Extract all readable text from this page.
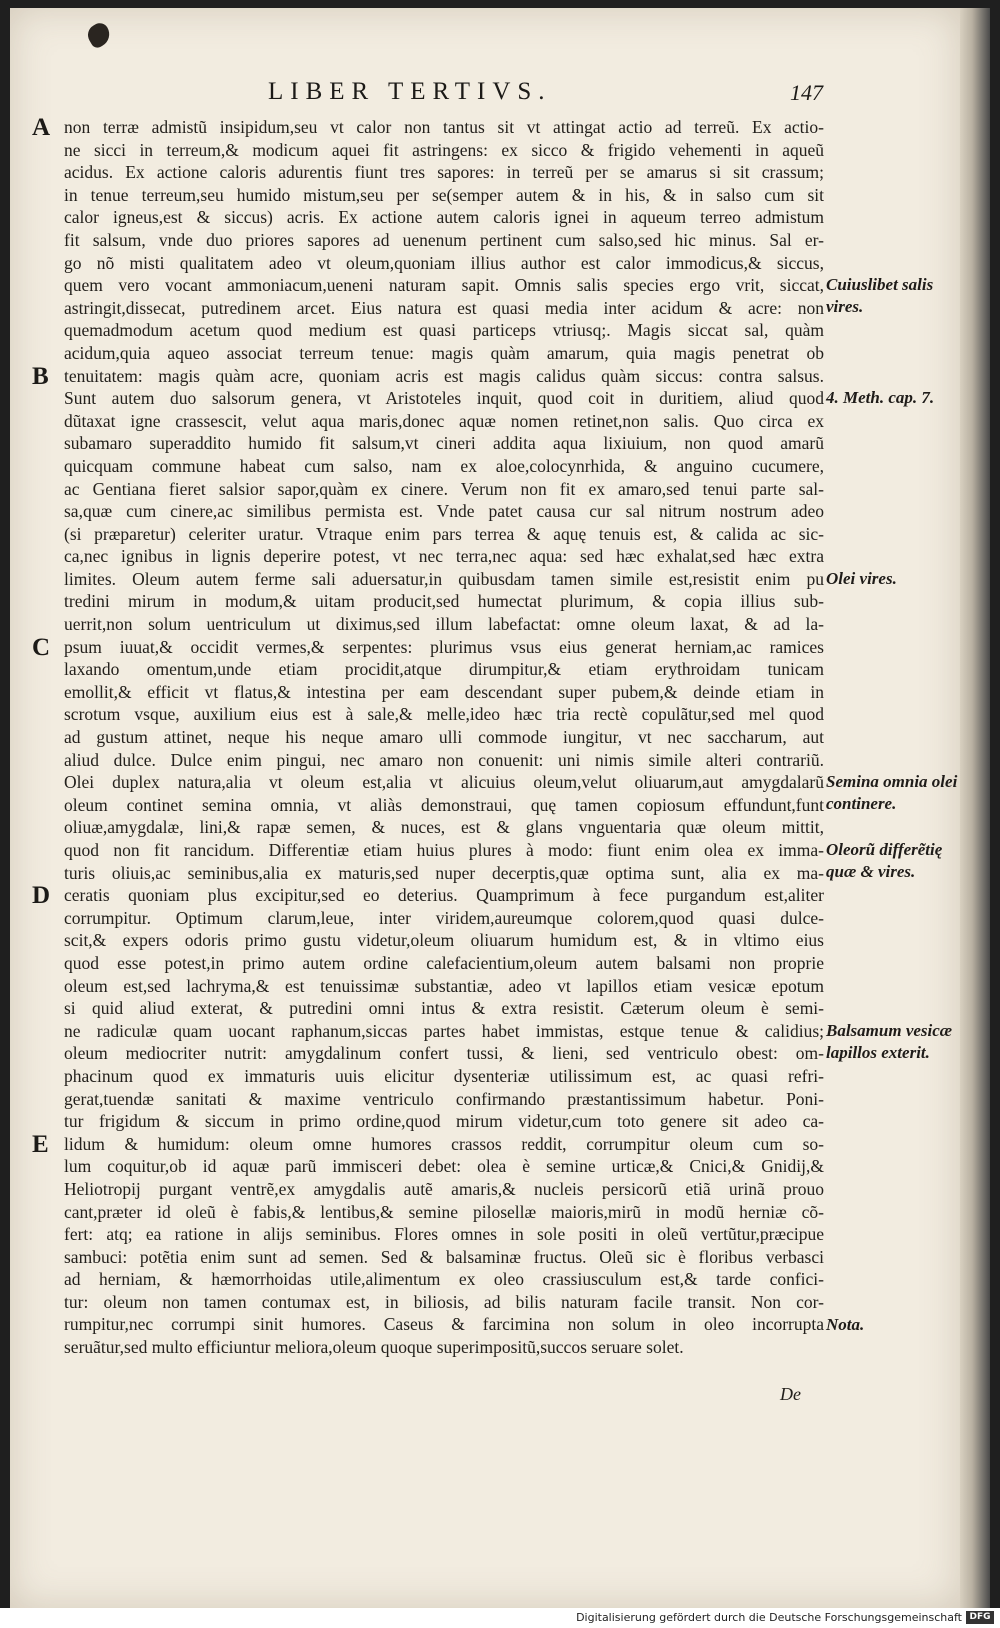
LIBER TERTIVS.	147
non terræ admistũ insipidum,seu vt calor non tantus sit vt attingat actio ad terreũ. Ex actio-
ne sicci in terreum,& modicum aquei fit astringens: ex sicco & frigido vehementi in aqueũ
acidus. Ex actione caloris adurentis fiunt tres sapores: in terreũ per se amarus si sit crassum;
in tenue terreum,seu humido mistum,seu per se(semper autem & in his, & in salso cum sit
calor igneus,est & siccus) acris. Ex actione autem caloris ignei in aqueum terreo admistum
fit salsum, vnde duo priores sapores ad uenenum pertinent cum salso,sed hic minus. Sal er-
go nõ misti qualitatem adeo vt oleum,quoniam illius author est calor immodicus,& siccus,
quem vero vocant ammoniacum,ueneni naturam sapit. Omnis salis species ergo vrit, siccat,
astringit,dissecat, putredinem arcet. Eius natura est quasi media inter acidum & acre: non
quemadmodum acetum quod medium est quasi particeps vtriusq;. Magis siccat sal, quàm
acidum,quia aqueo associat terreum tenue: magis quàm amarum, quia magis penetrat ob
tenuitatem: magis quàm acre, quoniam acris est magis calidus quàm siccus: contra salsus.
Sunt autem duo salsorum genera, vt Aristoteles inquit, quod coit in duritiem, aliud quod
dũtaxat igne crassescit, velut aqua maris,donec aquæ nomen retinet,non salis. Quo circa ex
subamaro superaddito humido fit salsum,vt cineri addita aqua lixiuium, non quod amarũ
quicquam commune habeat cum salso, nam ex aloe,colocynrhida, & anguino cucumere,
ac Gentiana fieret salsior sapor,quàm ex cinere. Verum non fit ex amaro,sed tenui parte sal-
sa,quæ cum cinere,ac similibus permista est. Vnde patet causa cur sal nitrum nostrum adeo
(si præparetur) celeriter uratur. Vtraque enim pars terrea & aquę tenuis est, & calida ac sic-
ca,nec ignibus in lignis deperire potest, vt nec terra,nec aqua: sed hæc exhalat,sed hæc extra
limites. Oleum autem ferme sali aduersatur,in quibusdam tamen simile est,resistit enim pu
tredini mirum in modum,& uitam producit,sed humectat plurimum, & copia illius sub-
uerrit,non solum uentriculum ut diximus,sed illum labefactat: omne oleum laxat, & ad la-
psum iuuat,& occidit vermes,& serpentes: plurimus vsus eius generat herniam,ac ramices
laxando omentum,unde etiam procidit,atque dirumpitur,& etiam erythroidam tunicam
emollit,& efficit vt flatus,& intestina per eam descendant super pubem,& deinde etiam in
scrotum vsque, auxilium eius est à sale,& melle,ideo hæc tria rectè copulãtur,sed mel quod
ad gustum attinet, neque his neque amaro ulli commode iungitur, vt nec saccharum, aut
aliud dulce. Dulce enim pingui, nec amaro non conuenit: uni nimis simile alteri contrariũ.
Olei duplex natura,alia vt oleum est,alia vt alicuius oleum,velut oliuarum,aut amygdalarũ
oleum continet semina omnia, vt aliàs demonstraui, quę tamen copiosum effundunt,funt
oliuæ,amygdalæ, lini,& rapæ semen, & nuces, est & glans vnguentaria quæ oleum mittit,
quod non fit rancidum. Differentiæ etiam huius plures à modo: fiunt enim olea ex imma-
turis oliuis,ac seminibus,alia ex maturis,sed nuper decerptis,quæ optima sunt, alia ex ma-
ceratis quoniam plus excipitur,sed eo deterius. Quamprimum à fece purgandum est,aliter
corrumpitur. Optimum clarum,leue, inter viridem,aureumque colorem,quod quasi dulce-
scit,& expers odoris primo gustu videtur,oleum oliuarum humidum est, & in vltimo eius
quod esse potest,in primo autem ordine calefacientium,oleum autem balsami non proprie
oleum est,sed lachryma,& est tenuissimæ substantiæ, adeo vt lapillos etiam vesicæ epotum
si quid aliud exterat, & putredini omni intus & extra resistit. Cæterum oleum è semi-
ne radiculæ quam uocant raphanum,siccas partes habet immistas, estque tenue & calidius;
oleum mediocriter nutrit: amygdalinum confert tussi, & lieni, sed ventriculo obest: om-
phacinum quod ex immaturis uuis elicitur dysenteriæ utilissimum est, ac quasi refri-
gerat,tuendæ sanitati & maxime ventriculo confirmando præstantissimum habetur. Poni-
tur frigidum & siccum in primo ordine,quod mirum videtur,cum toto genere sit adeo ca-
lidum & humidum: oleum omne humores crassos reddit, corrumpitur oleum cum so-
lum coquitur,ob id aquæ parũ immisceri debet: olea è semine urticæ,& Cnici,& Gnidij,&
Heliotropij purgant ventrẽ,ex amygdalis autẽ amaris,& nucleis persicorũ etiã urinã prouo
cant,præter id oleũ è fabis,& lentibus,& semine pilosellæ maioris,mirũ in modũ herniæ cõ-
fert: atq; ea ratione in alijs seminibus. Flores omnes in sole positi in oleũ vertũtur,præcipue
sambuci: potẽtia enim sunt ad semen. Sed & balsaminæ fructus. Oleũ sic è floribus verbasci
ad herniam, & hæmorrhoidas utile,alimentum ex oleo crassiusculum est,& tarde confici-
tur: oleum non tamen contumax est, in biliosis, ad bilis naturam facile transit. Non cor-
rumpitur,nec corrumpi sinit humores. Caseus & farcimina non solum in oleo incorrupta
seruãtur,sed multo efficiuntur meliora,oleum quoque superimpositũ,succos seruare solet.
A
B
C
D
E
Cuiuslibet salis vires.
4. Meth. cap. 7.
Olei vires.
Semina omnia olei continere.
Oleorũ differẽtię quæ & vires.
Balsamum vesicæ lapillos exterit.
Nota.
De
Digitalisierung gefördert durch die Deutsche Forschungsgemeinschaft DFG
